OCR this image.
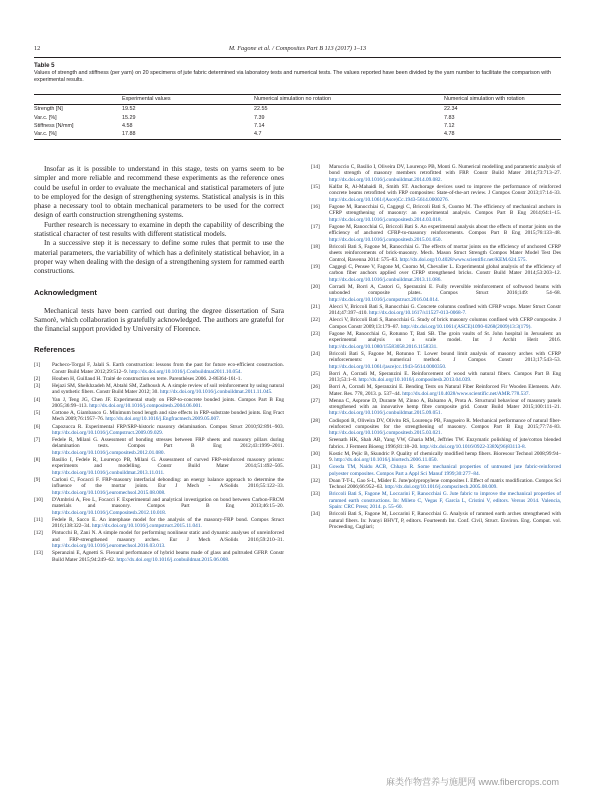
12	M. Fagone et al. / Composites Part B 113 (2017) 1–13
Table 5
Values of strength and stiffness (per yarn) on 20 specimens of jute fabric determined via laboratory tests and numerical tests. The values reported have been divided by the yarn number to facilitate the comparison with experimental results.
	Experimental values	Numerical simulation no rotation	Numerical simulation with rotation
Strength [N]	19.52	22.55	22.34
Var.c. [%]	15.29	7.39	7.83
Stiffness [N/mm]	4.58	7.14	7.12
Var.c. [%]	17.88	4.7	4.78

Insofar as it is possible to understand in this stage, tests on yarns seem to be simpler and more reliable and recommend these experiments as the reference ones could be useful in order to evaluate the mechanical and statistical parameters of jute to be employed for the design of strengthening systems. Statistical analysis is in this phase a necessary tool to obtain mechanical parameters to be used for the correct design of earth construction strengthening systems.

Further research is necessary to examine in depth the capability of describing the statistical character of test results with different statistical models.

In a successive step it is necessary to define some rules that permit to use the material parameters, the variability of which has a definitely statistical behavior, in a proper way when dealing with the design of a strengthening system for rammed earth constructions.

Acknowledgment

Mechanical tests have been carried out during the degree dissertation of Sara Samorè, which collaboration is gratefully acknowledged. The authors are grateful for the financial support provided by University of Florence.

References

[1] Pacheco-Torgal F, Jalali S. Earth construction: lessons from the past for future eco-efficient construction. Constr Build Mater 2012;29:512–9. http://dx.doi.org/10.1016/j.Conbuildmat2011.10.054.
[2] Houben H, Guillaud H. Traité de construction en terre. Parenthèses 2006. 2-86364-161-1.
[3] Hejazi SM, Sheikhzadeh M, Abtahi SM, Zadhoush A. A simple review of soil reinforcement by using natural and synthetic fibers. Constr Build Mater 2012; 30. http://dx.doi.org/10.1016/j.conbuildmat.2011.11.045.
[4] Yan J, Teng JG, Chen JF. Experimental study on FRP-to-concrete bonded joints. Compos Part B Eng 2005;36:99–113. http://dx.doi.org/10.1016/j.compositesb.2004.06.001.
[5] Cottone A, Giambanco G. Minimum bond length and size effects in FRP-substrate bonded joints. Eng Fract Mech 2009;76:1957–76. http://dx.doi.org/10.1016/j.Engfracmech.2009.05.007.
[6] Capozucca R. Experimental FRP/SRP-historic masonry delamination. Compos Struct 2010;92:891–903. http://dx.doi.org/10.1016/j.Compstruct.2009.09.029.
[7] Fedele R, Milani G. Assessment of bonding stresses between FRP sheets and masonry pillars during delamination tests. Compos Part B Eng 2012;43:1999–2011. http://dx.doi.org/10.1016/j.compositesb.2012.01.080.
[8] Basilio I, Fedele R, Lourenço PB, Milani G. Assessment of curved FRP-reinforced masonry prisms: experiments and modelling. Constr Build Mater 2014;51:492–505. http://dx.doi.org/10.1016/j.conbuildmat.2013.11.011.
[9] Carloni C, Focacci F. FRP-masonry interfacial debonding: an energy balance approach to determine the influence of the mortar joints. Eur J Mech - A/Solids 2016;55:122–33. http://dx.doi.org/10.1016/j.euromechsol.2015.08.008.
[10] D'Ambrisi A, Feo L, Focacci F. Experimental and analytical investigation on bond between Carbon-FRCM materials and masonry. Compos Part B Eng 2013;46:15–20. http://dx.doi.org/10.1016/j.Compositesb.2012.10.018.
[11] Fedele R, Sacco E. An interphase model for the analysis of the masonry-FRP bond. Compos Struct 2016;138:322–34. http://dx.doi.org/10.1016/j.compstruct.2015.11.041.
[12] Pintucchi B, Zani N. A simple model for performing nonlinear static and dynamic analyses of unreinforced and FRP-strengthened masonry arches. Eur J Mech A/Solids 2016;59:210–31. http://dx.doi.org/10.1016/j.euromechsol.2016.03.013.
[13] Speranzini E, Agnetti S. Flexural performance of hybrid beams made of glass and pultruded GFRP. Constr Build Mater 2015;94:249–62. http://dx.doi.org/10.1016/j.conbuildmat.2015.06.008.
[14] Maruccio C, Basilio I, Oliveira DV, Lourenço PB, Monti G. Numerical modelling and parametric analysis of bond strength of masonry members retrofitted with FRP. Constr Build Mater 2014;73:713–27. http://dx.doi.org/10.1016/j.conbuildmat.2014.09.082.
[15] Kalfat R, Al-Mahaidi R, Smith ST. Anchorage devices used to improve the performance of reinforced concrete beams retrofitted with FRP composites: State-of-the-art review. J Compos Constr 2013;17:14–33. http://dx.doi.org/10.1061/(Asce)Cc.1943-5614.0000276.
[16] Fagone M, Ranocchiai G, Caggegi C, Briccoli Bati S, Cuomo M. The efficiency of mechanical anchors in CFRP strengthening of masonry: an experimental analysis. Compos Part B Eng 2014;64:1–15. http://dx.doi.org/10.1016/j.compositesb.2014.03.018.
[17] Fagone M, Ranocchiai G, Briccoli Bati S. An experimental analysis about the effects of mortar joints on the efficiency of anchored CFRP-to-masonry reinforcements. Compos Part B Eng 2015;76:133–48. http://dx.doi.org/10.1016/j.compositesb.2015.01.050.
[18] Briccoli Bati S, Fagone M, Ranocchiai G. The effects of mortar joints on the efficiency of anchored CFRP sheets reinforcements of brick-masonry. Mech. Mason Struct Strength Compos Mater Model Test Des Control, Ravenna 2014: 575–83. http://dx.doi.org/10.4028/www.scientific.net/KEM.624.575.
[19] Caggegi C, Pensee V, Fagone M, Cuomo M, Chevalier L. Experimental global analysis of the efficiency of carbon fiber anchors applied over CFRP strengthened bricks. Constr Build Mater 2014;53:203–12. http://dx.doi.org/10.1016/j.conbuildmat.2013.11.086.
[20] Corradi M, Borri A, Castori G, Speranzini E. Fully reversible reinforcement of softwood beams with unbonded composite plates. Compos Struct 2016;149: 54–68. http://dx.doi.org/10.1016/j.compstruct.2016.04.014.
[21] Alecci V, Briccoli Bati S, Ranocchiai G. Concrete columns confined with CFRP wraps. Mater Struct Constr 2014;47:397–410. http://dx.doi.org/10.1617/s11527-013-0068-7.
[22] Alecci V, Briccoli Bati S, Ranocchiai G. Study of brick masonry columns confined with CFRP composite. J Compos Constr 2009;13:179–87. http://dx.doi.org/10.1061/(ASCE)1090-0268(2009)13:3(179).
[23] Fagone M, Ranocchiai G, Rotunno T, Bati SB. The groin vaults of St. John hospital in Jerusalem: an experimental analysis on a scale model. Int J Archit Herit 2016. http://dx.doi.org/10.1080/15583058.2016.1158331.
[24] Briccoli Bati S, Fagone M, Rotunno T. Lower bound limit analysis of masonry arches with CFRP reinforcements: a numerical method. J Compos Constr 2013;17:543–53. http://dx.doi.org/10.1061/(asce)cc.1943-5614.0000350.
[25] Borri A, Corradi M, Speranzini E. Reinforcement of wood with natural fibers. Compos Part B Eng 2013;53:1–8. http://dx.doi.org/10.1016/j.compositesb.2013.04.039.
[26] Borri A, Corradi M, Speranzini E. Bending Tests on Natural Fiber Reinforced Fir Wooden Elements. Adv. Mater. Res. 778, 2013. p. 537–44. http://dx.doi.org/10.4028/www.scientific.net/AMR.778.537.
[27] Menna C, Asprone D, Durante M, Zinno A, Balsamo A, Prota A. Structural behaviour of masonry panels strengthened with an innovative hemp fibre composite grid. Constr Build Mater 2015;100:111–21. http://dx.doi.org/10.1016/j.conbuildmat.2015.09.051.
[28] Codispoti R, Oliveira DV, Olivito RS, Lourenço PB, Fangueiro R. Mechanical performance of natural fiber-reinforced composites for the strengthening of masonry. Compos Part B Eng 2015;77:74–83. http://dx.doi.org/10.1016/j.compositesb.2015.03.021.
[29] Sreenath HK, Shah AB, Yang VW, Gharia MM, Jeffries TW. Enzymatic polishing of jute/cotton blended fabrics. J Ferment Bioeng 1996;81:18–20. http://dx.doi.org/10.1016/0922-338X(96)83113-8.
[30] Kostic M, Pejic B, Skundric P. Quality of chemically modified hemp fibers. Bioresour Technol 2008;99:94–9. http://dx.doi.org/10.1016/j.biortech.2006.11.050.
[31] Gowda TM, Naidu ACB, Chhaya R. Some mechanical properties of untreated jute fabric-reinforced polyester composites. Compos Part a Appl Sci Manuf 1999;30:277–84.
[32] Doan T-T-L, Gao S-L, Mäder E. Jute/polypropylene composites I. Effect of matrix modification. Compos Sci Technol 2006;66:952–63. http://dx.doi.org/10.1016/j.compscitech.2005.08.009.
[33] Briccoli Bati S, Fagone M, Loccarini F, Ranocchiai G. Jute fabric to improve the mechanical properties of rammed earth constructions. In: Mileto C, Vegas F, García L, Cristini V, editors. Versus 2014. Valencia, Spain: CRC Press; 2014. p. 55–60.
[34] Briccoli Bati S, Fagone M, Loccarini F, Ranocchiai G. Analysis of rammed earth arches strengthened with natural fibers. In: Ivanyi BHVT, P, editors. Fourteenth Int. Conf. Civil, Struct. Environ. Eng. Comput. vol. Proceeding, Cagliari;
麻类作物营养与施肥网 www.fibercrops.com
